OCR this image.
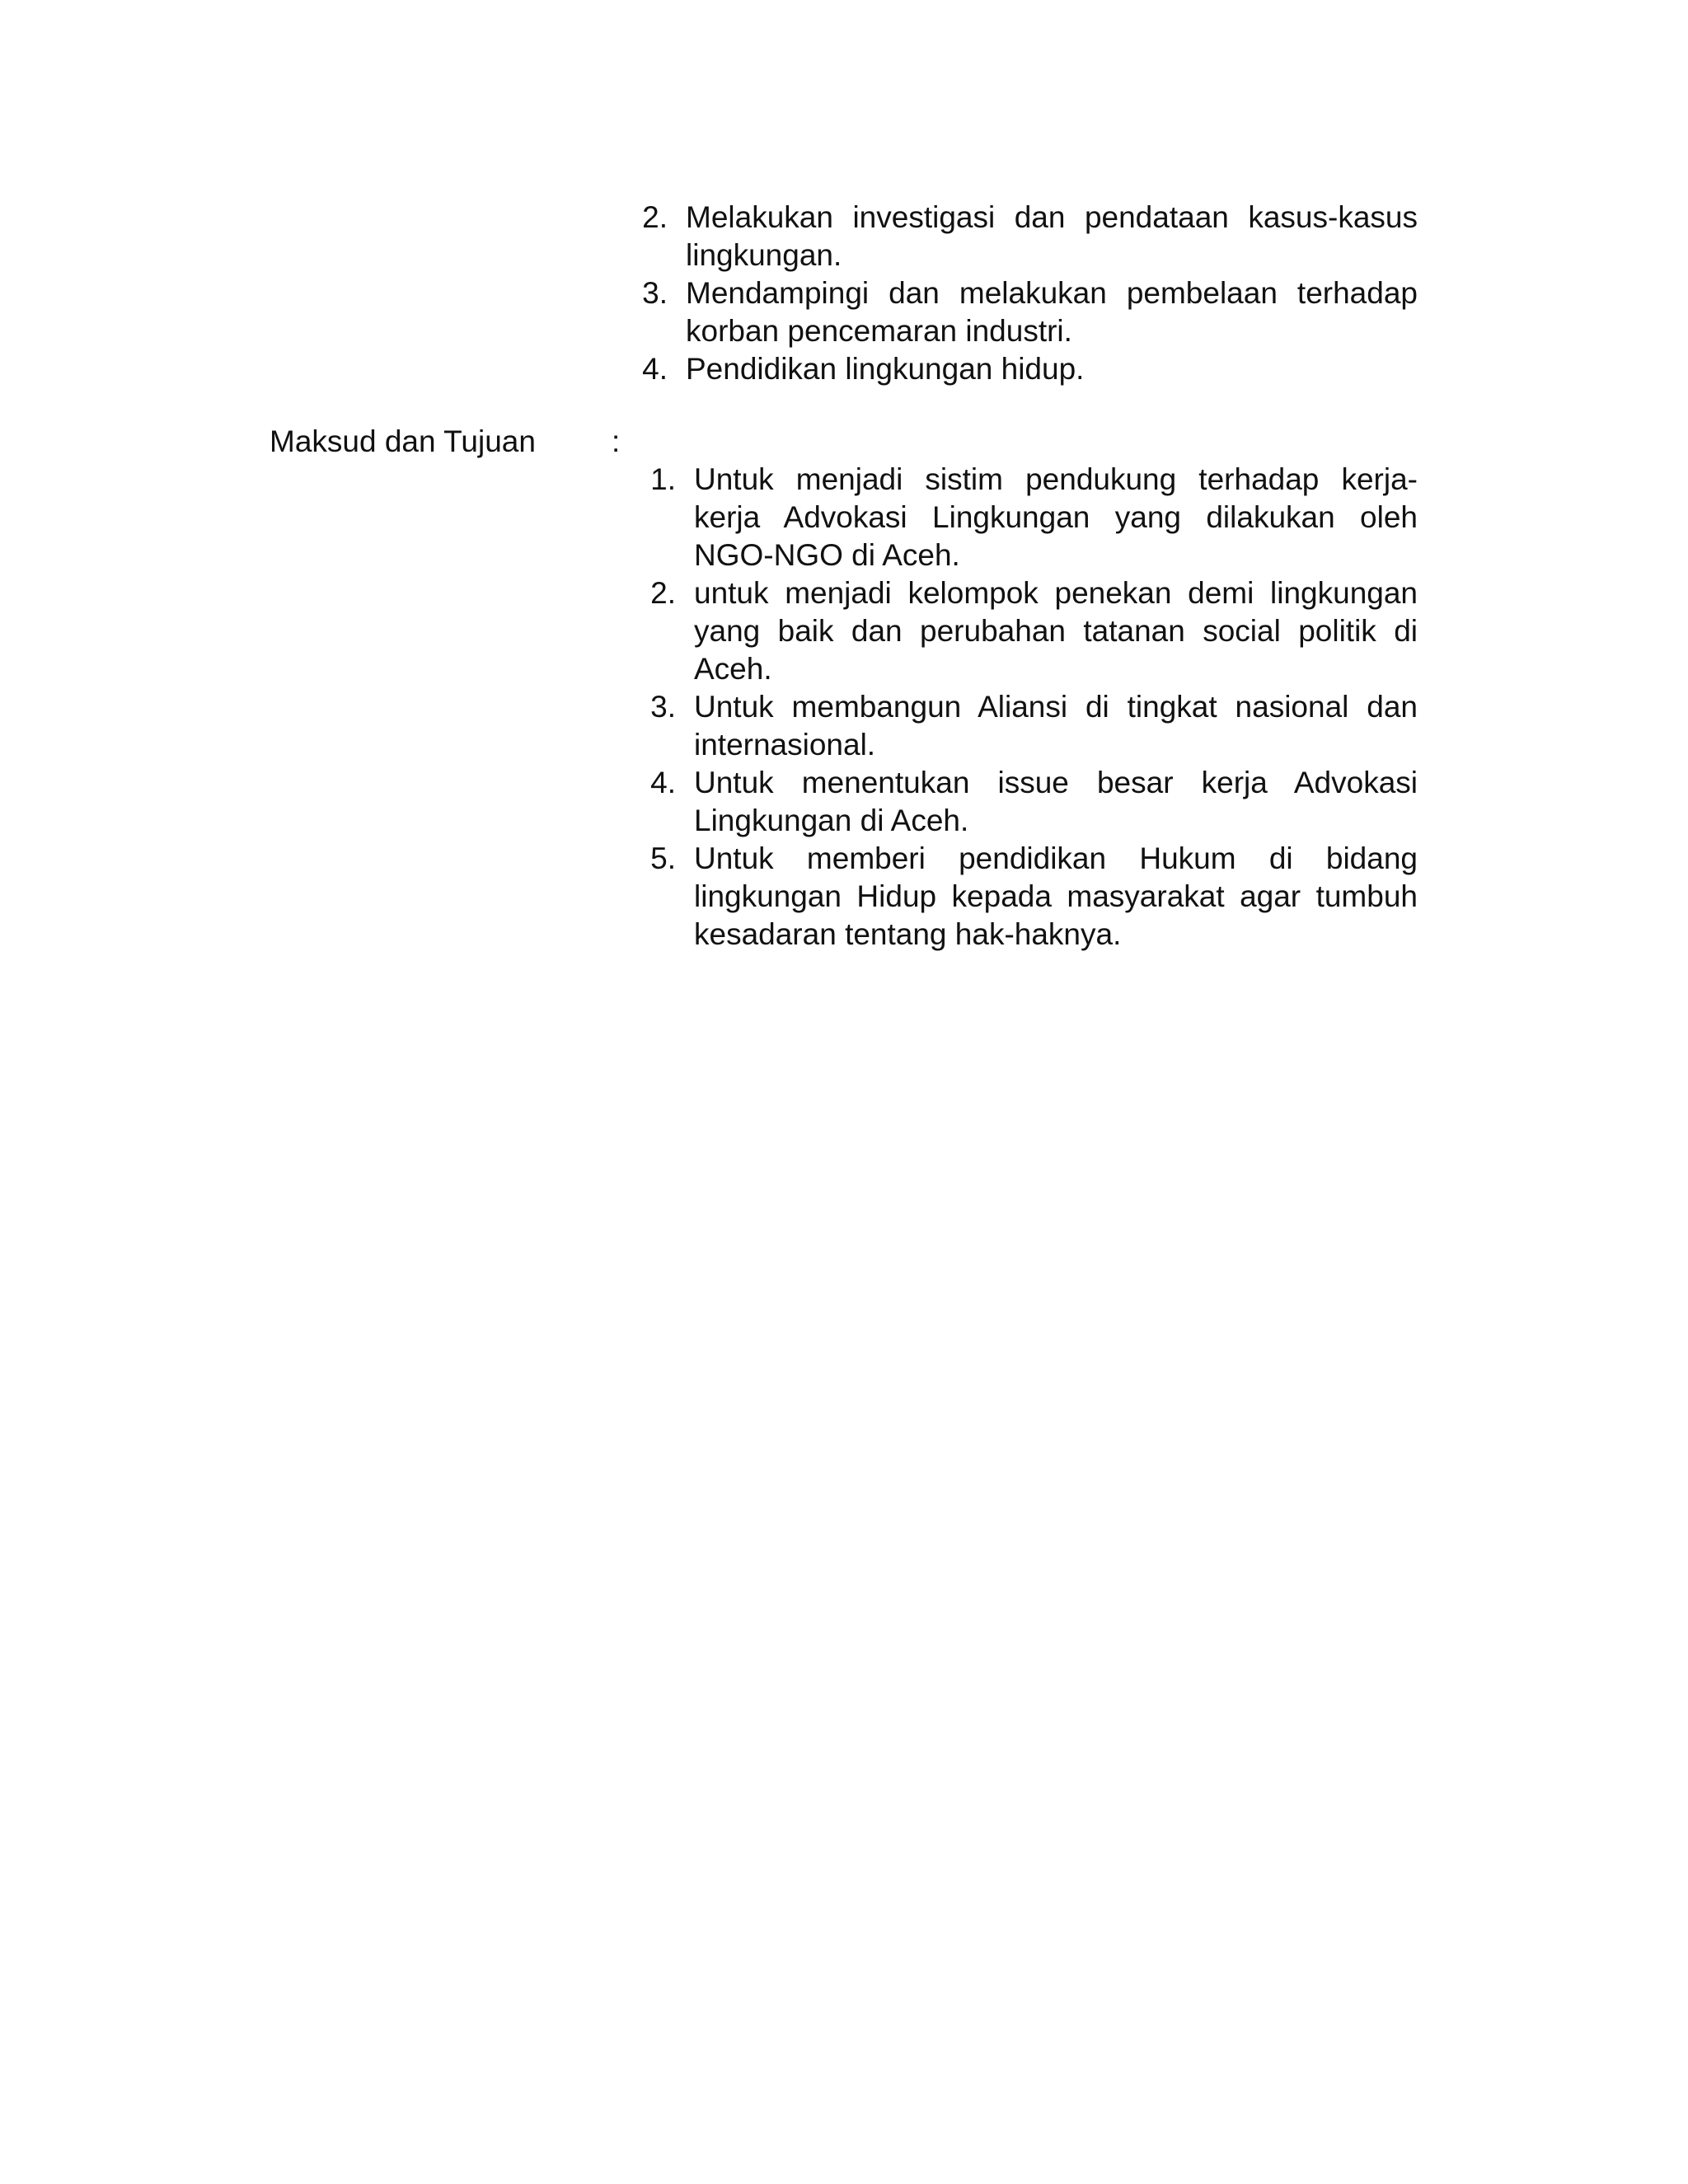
2. Melakukan investigasi dan pendataan kasus-kasus lingkungan.
3. Mendampingi dan melakukan pembelaan terhadap korban pencemaran industri.
4. Pendidikan lingkungan hidup.
Maksud dan Tujuan :
1. Untuk menjadi sistim pendukung terhadap kerja- kerja Advokasi Lingkungan yang dilakukan oleh NGO-NGO di Aceh.
2. untuk menjadi kelompok penekan demi lingkungan yang baik dan perubahan tatanan social politik di Aceh.
3. Untuk membangun Aliansi di tingkat nasional dan internasional.
4. Untuk menentukan issue besar kerja Advokasi Lingkungan di Aceh.
5. Untuk memberi pendidikan Hukum di bidang lingkungan Hidup kepada masyarakat agar tumbuh kesadaran tentang hak-haknya.
